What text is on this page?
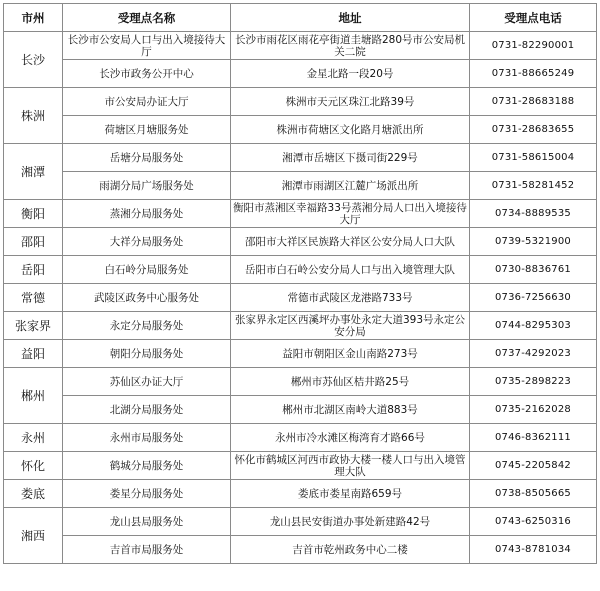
市州	受理点名称	地址	受理点电话
长沙	长沙市公安局人口与出入境接待大厅	长沙市雨花区雨花亭街道圭塘路280号市公安局机关二院	0731-82290001
	长沙市政务公开中心	金星北路一段20号	0731-88665249
株洲	市公安局办证大厅	株洲市天元区珠江北路39号	0731-28683188
	荷塘区月塘服务处	株洲市荷塘区文化路月塘派出所	0731-28683655
湘潭	岳塘分局服务处	湘潭市岳塘区下摄司街229号	0731-58615004
	雨湖分局广场服务处	湘潭市雨湖区江麓广场派出所	0731-58281452
衡阳	蒸湘分局服务处	衡阳市蒸湘区幸福路33号蒸湘分局人口出入境接待大厅	0734-8889535
邵阳	大祥分局服务处	邵阳市大祥区民族路大祥区公安分局人口大队	0739-5321900
岳阳	白石岭分局服务处	岳阳市白石岭公安分局人口与出入境管理大队	0730-8836761
常德	武陵区政务中心服务处	常德市武陵区龙港路733号	0736-7256630
张家界	永定分局服务处	张家界永定区西溪坪办事处永定大道393号永定公安分局	0744-8295303
益阳	朝阳分局服务处	益阳市朝阳区金山南路273号	0737-4292023
郴州	苏仙区办证大厅	郴州市苏仙区桔井路25号	0735-2898223
	北湖分局服务处	郴州市北湖区南岭大道883号	0735-2162028
永州	永州市局服务处	永州市冷水滩区梅湾育才路66号	0746-8362111
怀化	鹤城分局服务处	怀化市鹤城区河西市政协大楼一楼人口与出入境管理大队	0745-2205842
娄底	娄星分局服务处	娄底市娄星南路659号	0738-8505665
湘西	龙山县局服务处	龙山县民安街道办事处新建路42号	0743-6250316
	吉首市局服务处	吉首市乾州政务中心二楼	0743-8781034
